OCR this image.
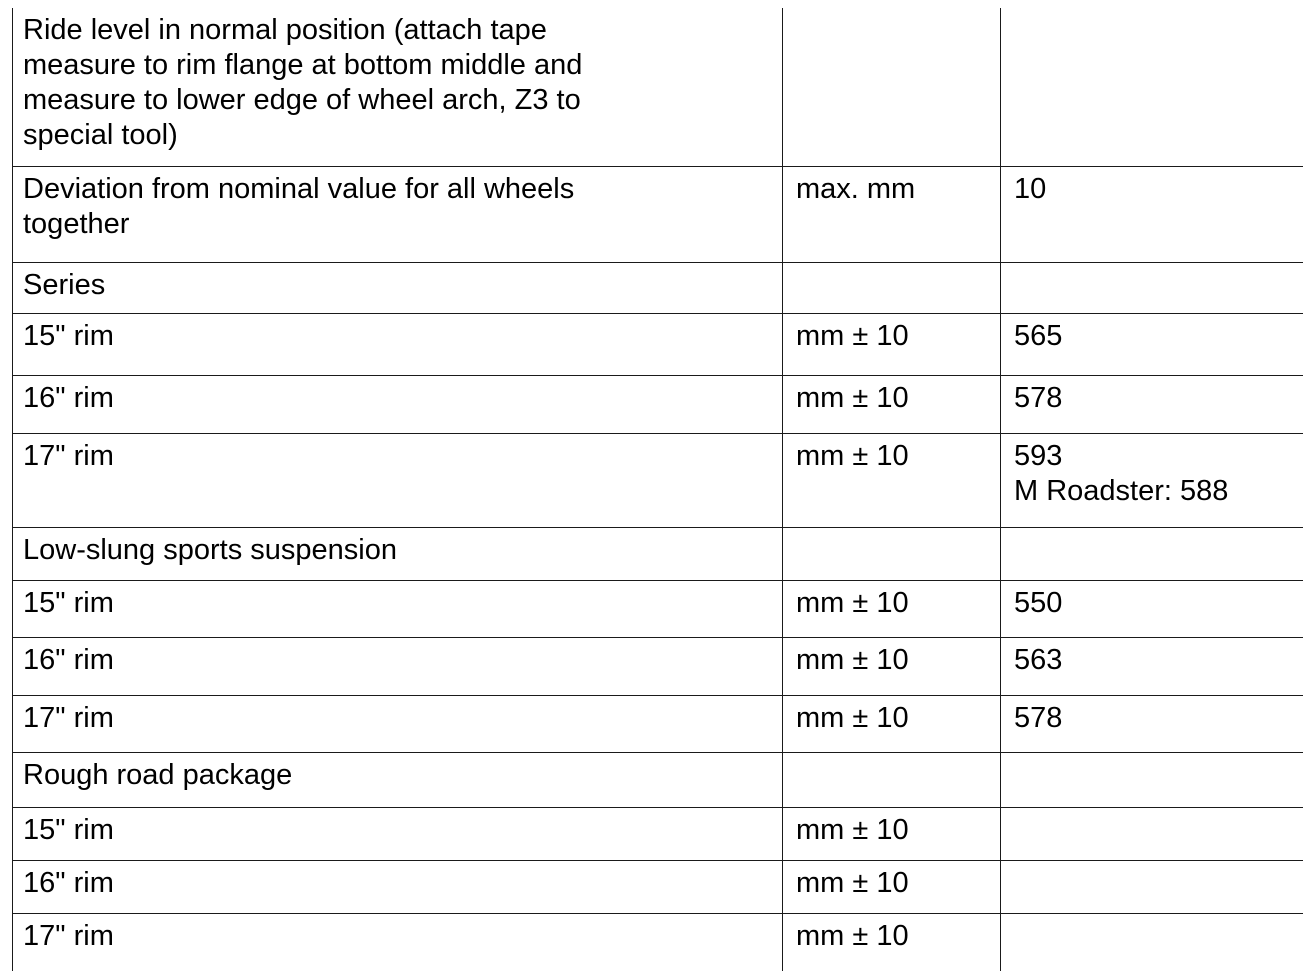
Ride level in normal position (attach tape
measure to rim flange at bottom middle and
measure to lower edge of wheel arch, Z3 to
special tool)		
Deviation from nominal value for all wheels
together	max. mm	10
Series		
15" rim	mm ± 10	565
16" rim	mm ± 10	578
17" rim	mm ± 10	593
M Roadster: 588
Low-slung sports suspension		
15" rim	mm ± 10	550
16" rim	mm ± 10	563
17" rim	mm ± 10	578
Rough road package		
15" rim	mm ± 10	
16" rim	mm ± 10	
17" rim	mm ± 10	
